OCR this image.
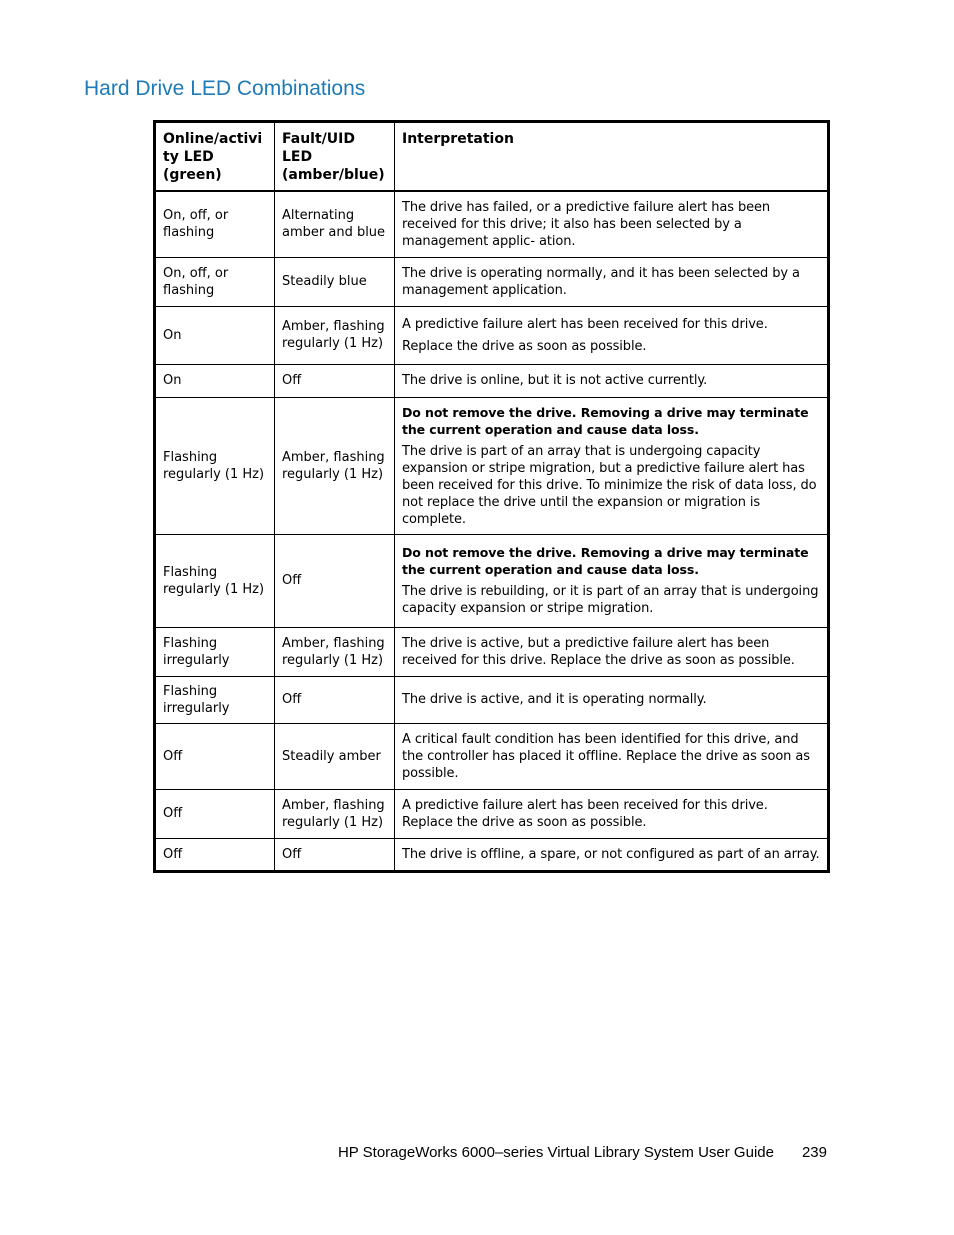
Hard Drive LED Combinations
Online/activity LED (green)	Fault/UID LED (amber/blue)	Interpretation
On, off, or flashing	Alternating amber and blue	The drive has failed, or a predictive failure alert has been received for this drive; it also has been selected by a management applic- ation.

On, off, or flashing	Steadily blue	The drive is operating normally, and it has been selected by a management application.

On	Amber, flashing regularly (1 Hz)	A predictive failure alert has been received for this drive.

Replace the drive as soon as possible.

On	Off	The drive is online, but it is not active currently.

Flashing regularly (1 Hz)	Amber, flashing regularly (1 Hz)	Do not remove the drive. Removing a drive may terminate the current operation and cause data loss.

The drive is part of an array that is undergoing capacity expansion or stripe migration, but a predictive failure alert has been received for this drive. To minimize the risk of data loss, do not replace the drive until the expansion or migration is complete.

Flashing regularly (1 Hz)	Off	Do not remove the drive. Removing a drive may terminate the current operation and cause data loss.

The drive is rebuilding, or it is part of an array that is undergoing capacity expansion or stripe migration.

Flashing irregularly	Amber, flashing regularly (1 Hz)	The drive is active, but a predictive failure alert has been received for this drive. Replace the drive as soon as possible.

Flashing irregularly	Off	The drive is active, and it is operating normally.

Off	Steadily amber	A critical fault condition has been identified for this drive, and the controller has placed it offline. Replace the drive as soon as possible.

Off	Amber, flashing regularly (1 Hz)	A predictive failure alert has been received for this drive. Replace the drive as soon as possible.

Off	Off	The drive is offline, a spare, or not configured as part of an array.

HP StorageWorks 6000–series Virtual Library System User Guide 239
